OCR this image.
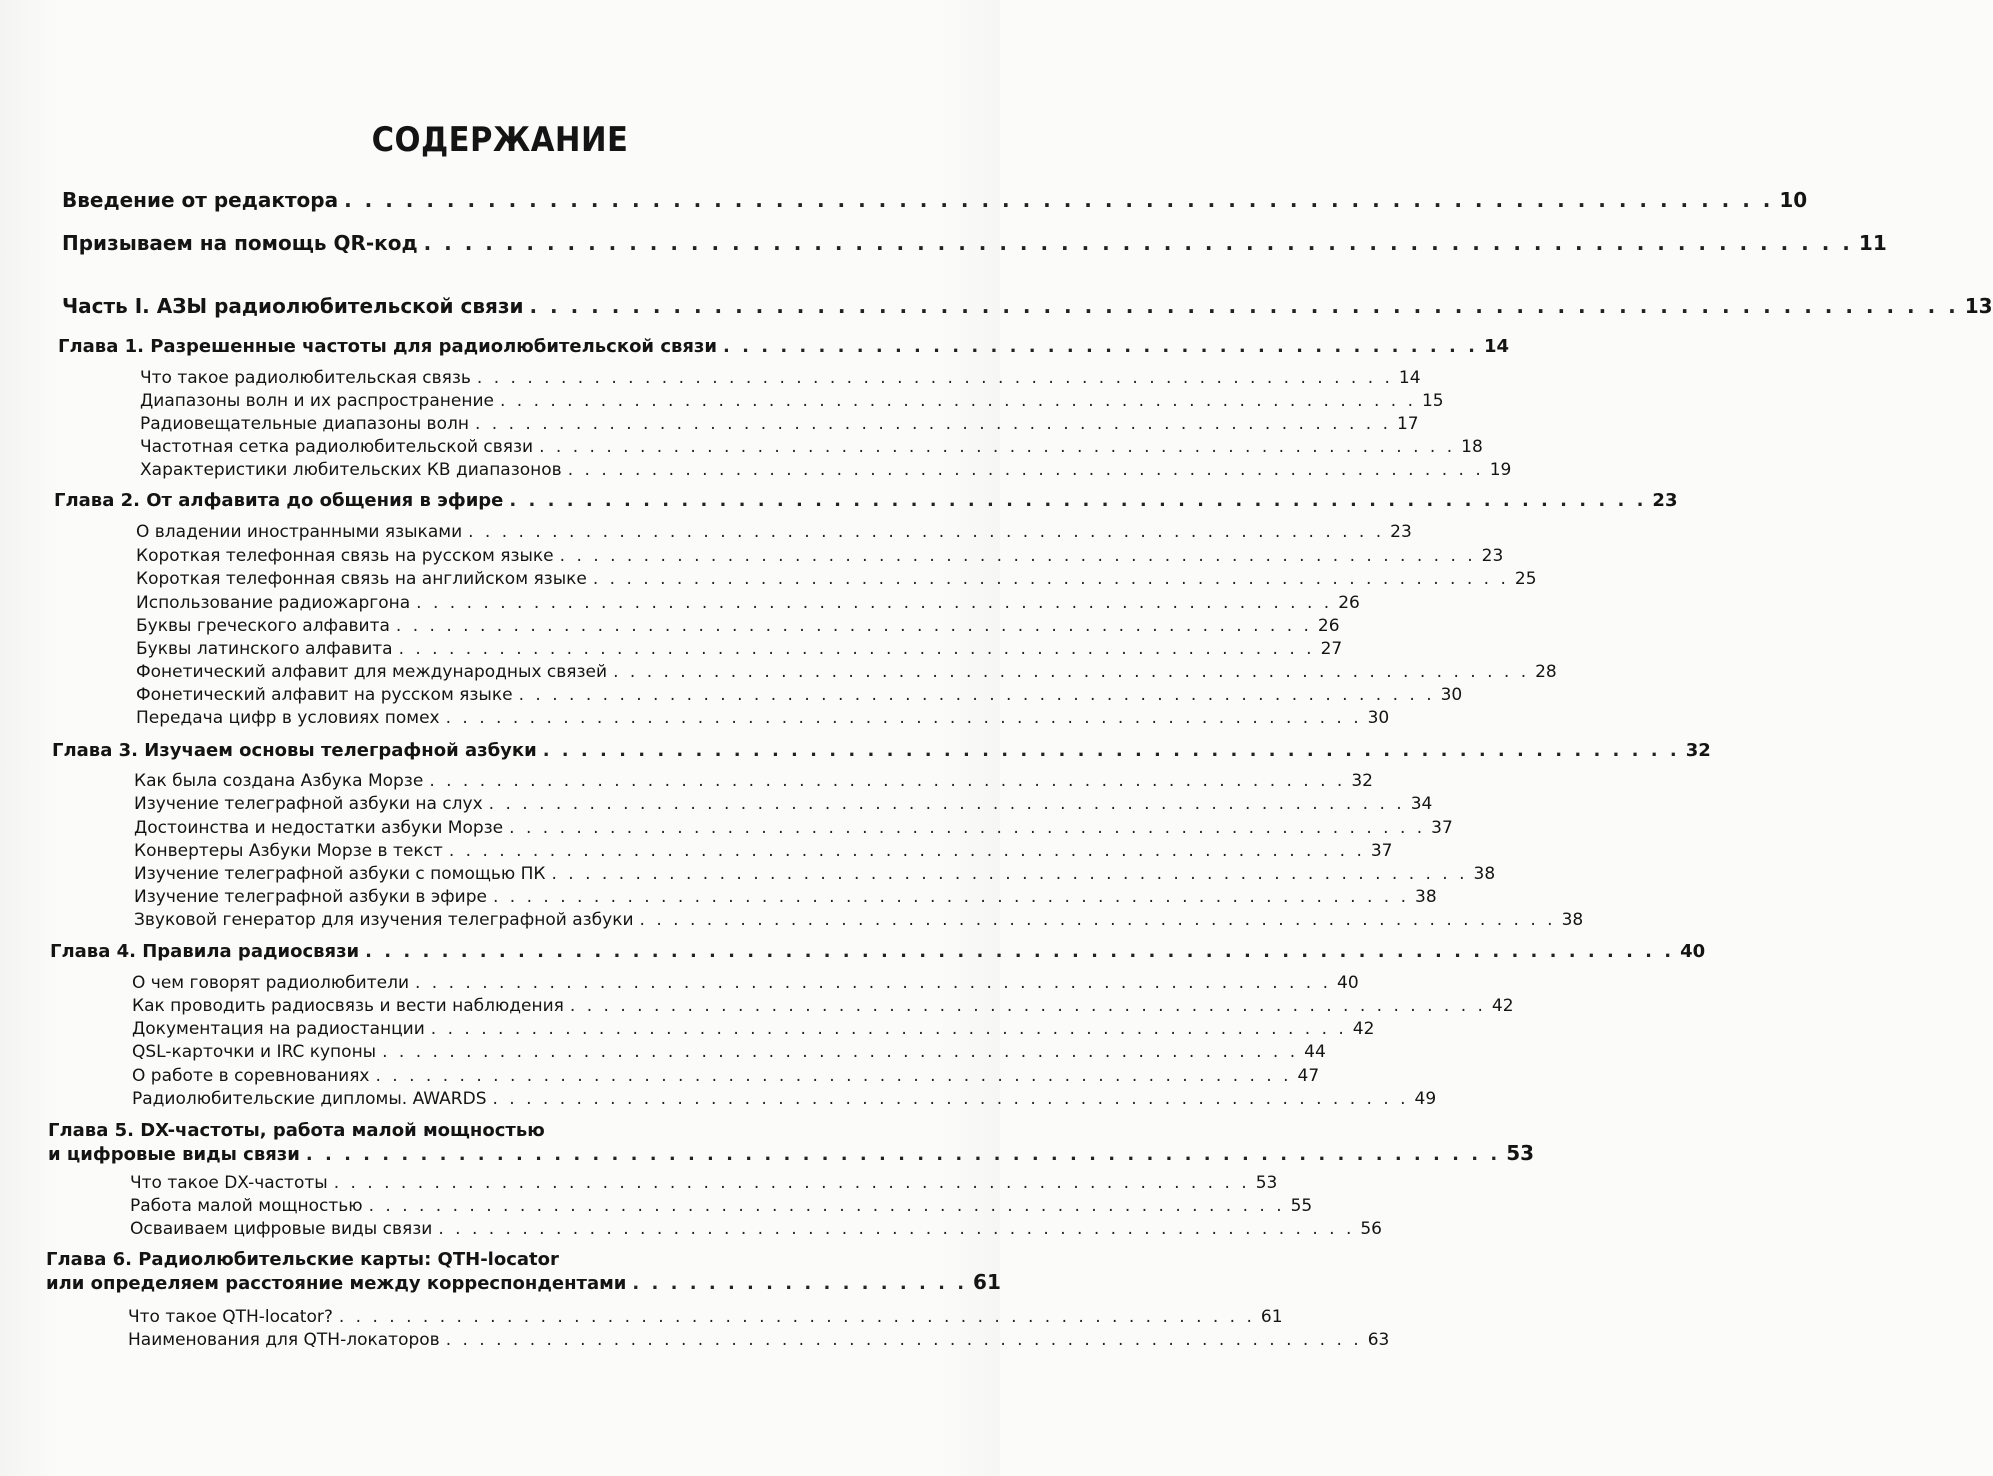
СОДЕРЖАНИЕ
Введение от редактора . . . . . . . . . . . . . . . . . . . . . . . . . . . . . . . . . . . . . . . . . . . . . . . . . . . . . . . . . . . . . . . . . . . . . . 10
Призываем на помощь QR-код . . . . . . . . . . . . . . . . . . . . . . . . . . . . . . . . . . . . . . . . . . . . . . . . . . . . . . . . . . . . . . . . . . . . . . 11
Часть I. АЗЫ радиолюбительской связи . . . . . . . . . . . . . . . . . . . . . . . . . . . . . . . . . . . . . . . . . . . . . . . . . . . . . . . . . . . . . . . . . . . . . . 13
Глава 1. Разрешенные частоты для радиолюбительской связи . . . . . . . . . . . . . . . . . . . . . . . . . . . . . . . . . . . . . . . . 14
Что такое радиолюбительская связь . . . . . . . . . . . . . . . . . . . . . . . . . . . . . . . . . . . . . . . . . . . . . . . . . . . . . . . 14
Диапазоны волн и их распространение . . . . . . . . . . . . . . . . . . . . . . . . . . . . . . . . . . . . . . . . . . . . . . . . . . . . . . . 15
Радиовещательные диапазоны волн . . . . . . . . . . . . . . . . . . . . . . . . . . . . . . . . . . . . . . . . . . . . . . . . . . . . . . . 17
Частотная сетка радиолюбительской связи . . . . . . . . . . . . . . . . . . . . . . . . . . . . . . . . . . . . . . . . . . . . . . . . . . . . . . . 18
Характеристики любительских КВ диапазонов . . . . . . . . . . . . . . . . . . . . . . . . . . . . . . . . . . . . . . . . . . . . . . . . . . . . . . . 19
Глава 2. От алфавита до общения в эфире . . . . . . . . . . . . . . . . . . . . . . . . . . . . . . . . . . . . . . . . . . . . . . . . . . . . . . . . . . . . 23
О владении иностранными языками . . . . . . . . . . . . . . . . . . . . . . . . . . . . . . . . . . . . . . . . . . . . . . . . . . . . . . . 23
Короткая телефонная связь на русском языке . . . . . . . . . . . . . . . . . . . . . . . . . . . . . . . . . . . . . . . . . . . . . . . . . . . . . . . 23
Короткая телефонная связь на английском языке . . . . . . . . . . . . . . . . . . . . . . . . . . . . . . . . . . . . . . . . . . . . . . . . . . . . . . . 25
Использование радиожаргона . . . . . . . . . . . . . . . . . . . . . . . . . . . . . . . . . . . . . . . . . . . . . . . . . . . . . . . 26
Буквы греческого алфавита . . . . . . . . . . . . . . . . . . . . . . . . . . . . . . . . . . . . . . . . . . . . . . . . . . . . . . . 26
Буквы латинского алфавита . . . . . . . . . . . . . . . . . . . . . . . . . . . . . . . . . . . . . . . . . . . . . . . . . . . . . . . 27
Фонетический алфавит для международных связей . . . . . . . . . . . . . . . . . . . . . . . . . . . . . . . . . . . . . . . . . . . . . . . . . . . . . . . 28
Фонетический алфавит на русском языке . . . . . . . . . . . . . . . . . . . . . . . . . . . . . . . . . . . . . . . . . . . . . . . . . . . . . . . 30
Передача цифр в условиях помех . . . . . . . . . . . . . . . . . . . . . . . . . . . . . . . . . . . . . . . . . . . . . . . . . . . . . . . 30
Глава 3. Изучаем основы телеграфной азбуки . . . . . . . . . . . . . . . . . . . . . . . . . . . . . . . . . . . . . . . . . . . . . . . . . . . . . . . . . . . . 32
Как была создана Азбука Морзе . . . . . . . . . . . . . . . . . . . . . . . . . . . . . . . . . . . . . . . . . . . . . . . . . . . . . . . 32
Изучение телеграфной азбуки на слух . . . . . . . . . . . . . . . . . . . . . . . . . . . . . . . . . . . . . . . . . . . . . . . . . . . . . . . 34
Достоинства и недостатки азбуки Морзе . . . . . . . . . . . . . . . . . . . . . . . . . . . . . . . . . . . . . . . . . . . . . . . . . . . . . . . 37
Конвертеры Азбуки Морзе в текст . . . . . . . . . . . . . . . . . . . . . . . . . . . . . . . . . . . . . . . . . . . . . . . . . . . . . . . 37
Изучение телеграфной азбуки с помощью ПК . . . . . . . . . . . . . . . . . . . . . . . . . . . . . . . . . . . . . . . . . . . . . . . . . . . . . . . 38
Изучение телеграфной азбуки в эфире . . . . . . . . . . . . . . . . . . . . . . . . . . . . . . . . . . . . . . . . . . . . . . . . . . . . . . . 38
Звуковой генератор для изучения телеграфной азбуки . . . . . . . . . . . . . . . . . . . . . . . . . . . . . . . . . . . . . . . . . . . . . . . . . . . . . . . 38
Глава 4. Правила радиосвязи . . . . . . . . . . . . . . . . . . . . . . . . . . . . . . . . . . . . . . . . . . . . . . . . . . . . . . . . . . . . . . . . . . . . . 40
О чем говорят радиолюбители . . . . . . . . . . . . . . . . . . . . . . . . . . . . . . . . . . . . . . . . . . . . . . . . . . . . . . . 40
Как проводить радиосвязь и вести наблюдения . . . . . . . . . . . . . . . . . . . . . . . . . . . . . . . . . . . . . . . . . . . . . . . . . . . . . . . 42
Документация на радиостанции . . . . . . . . . . . . . . . . . . . . . . . . . . . . . . . . . . . . . . . . . . . . . . . . . . . . . . . 42
QSL-карточки и IRC купоны . . . . . . . . . . . . . . . . . . . . . . . . . . . . . . . . . . . . . . . . . . . . . . . . . . . . . . . 44
О работе в соревнованиях . . . . . . . . . . . . . . . . . . . . . . . . . . . . . . . . . . . . . . . . . . . . . . . . . . . . . . . 47
Радиолюбительские дипломы. AWARDS . . . . . . . . . . . . . . . . . . . . . . . . . . . . . . . . . . . . . . . . . . . . . . . . . . . . . . . 49
Глава 5. DX-частоты, работа малой мощностью
и цифровые виды связи . . . . . . . . . . . . . . . . . . . . . . . . . . . . . . . . . . . . . . . . . . . . . . . . . . . . . . . . . . . . . . . 53
Что такое DX-частоты . . . . . . . . . . . . . . . . . . . . . . . . . . . . . . . . . . . . . . . . . . . . . . . . . . . . . . . 53
Работа малой мощностью . . . . . . . . . . . . . . . . . . . . . . . . . . . . . . . . . . . . . . . . . . . . . . . . . . . . . . . 55
Осваиваем цифровые виды связи . . . . . . . . . . . . . . . . . . . . . . . . . . . . . . . . . . . . . . . . . . . . . . . . . . . . . . . 56
Глава 6. Радиолюбительские карты: QTH-locator
или определяем расстояние между корреспондентами . . . . . . . . . . . . . . . . . . 61
Что такое QTH-locator? . . . . . . . . . . . . . . . . . . . . . . . . . . . . . . . . . . . . . . . . . . . . . . . . . . . . . . . 61
Наименования для QTH-локаторов . . . . . . . . . . . . . . . . . . . . . . . . . . . . . . . . . . . . . . . . . . . . . . . . . . . . . . . 63
